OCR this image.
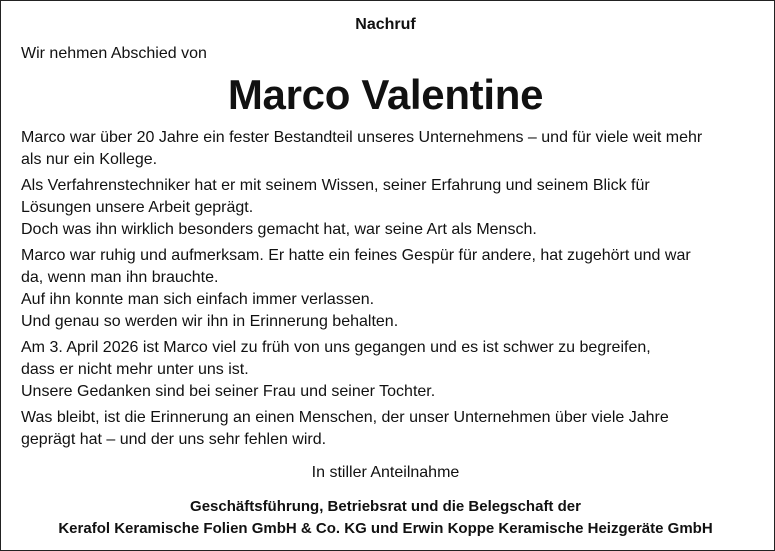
Nachruf

Wir nehmen Abschied von

Marco Valentine
Marco war über 20 Jahre ein fester Bestandteil unseres Unternehmens – und für viele weit mehr
als nur ein Kollege.
Als Verfahrenstechniker hat er mit seinem Wissen, seiner Erfahrung und seinem Blick für
Lösungen unsere Arbeit geprägt.
Doch was ihn wirklich besonders gemacht hat, war seine Art als Mensch.
Marco war ruhig und aufmerksam. Er hatte ein feines Gespür für andere, hat zugehört und war
da, wenn man ihn brauchte.
Auf ihn konnte man sich einfach immer verlassen.
Und genau so werden wir ihn in Erinnerung behalten.
Am 3. April 2026 ist Marco viel zu früh von uns gegangen und es ist schwer zu begreifen,
dass er nicht mehr unter uns ist.
Unsere Gedanken sind bei seiner Frau und seiner Tochter.
Was bleibt, ist die Erinnerung an einen Menschen, der unser Unternehmen über viele Jahre
geprägt hat – und der uns sehr fehlen wird.

In stiller Anteilnahme

Geschäftsführung, Betriebsrat und die Belegschaft der
Kerafol Keramische Folien GmbH & Co. KG und Erwin Koppe Keramische Heizgeräte GmbH
